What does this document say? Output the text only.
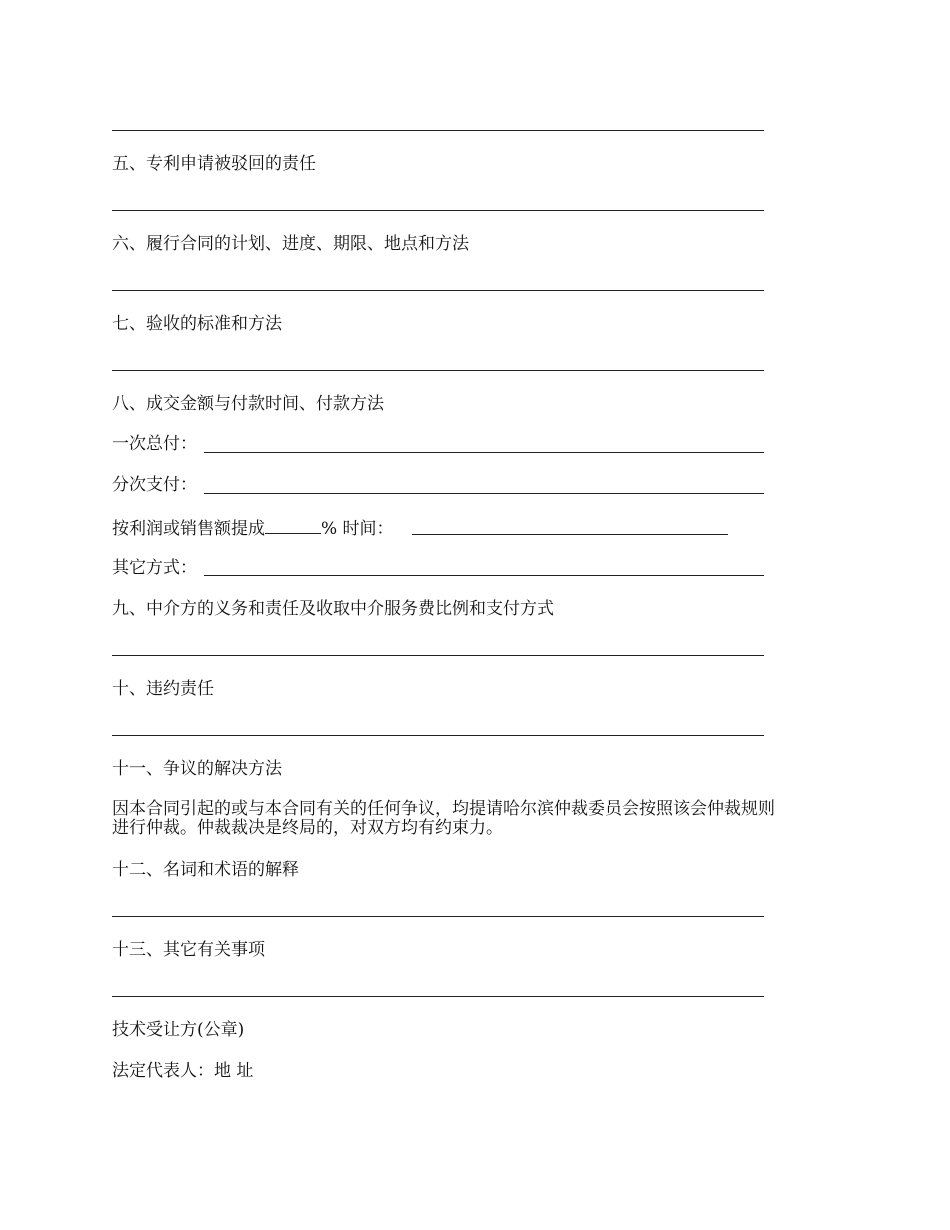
五、专利申请被驳回的责任
六、履行合同的计划、进度、期限、地点和方法
七、验收的标准和方法
八、成交金额与付款时间、付款方法
一次总付：
分次支付：
按利润或销售额提成	% 时间：
其它方式：
九、中介方的义务和责任及收取中介服务费比例和支付方式
十、违约责任
十一、争议的解决方法
因本合同引起的或与本合同有关的任何争议，均提请哈尔滨仲裁委员会按照该会仲裁规则
进行仲裁。仲裁裁决是终局的，对双方均有约束力。
十二、名词和术语的解释
十三、其它有关事项
技术受让方(公章)
法定代表人：地 址
